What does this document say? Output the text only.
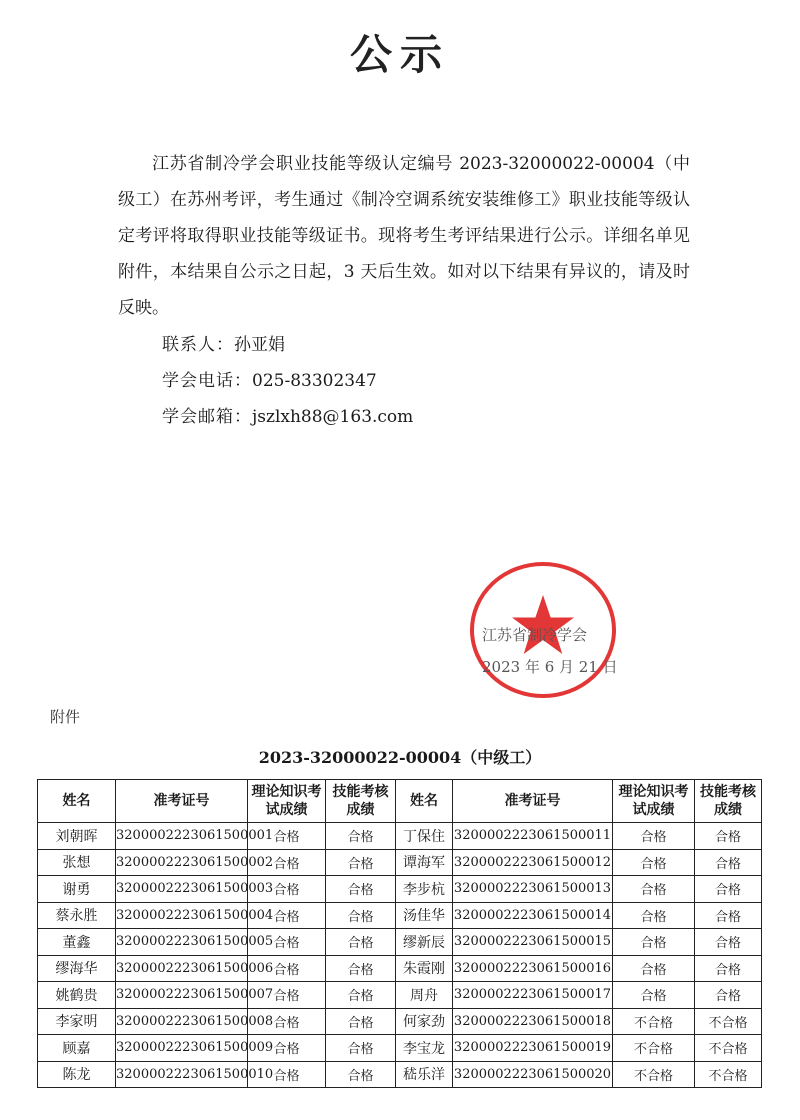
公示
江苏省制冷学会职业技能等级认定编号 2023-32000022-00004（中级工）在苏州考评，考生通过《制冷空调系统安装维修工》职业技能等级认定考评将取得职业技能等级证书。现将考生考评结果进行公示。详细名单见附件，本结果自公示之日起，3 天后生效。如对以下结果有异议的，请及时反映。
联系人：孙亚娟
学会电话：025-83302347
学会邮箱：jszlxh88@163.com
江苏省制冷学会
2023 年 6 月 21 日
附件
2023-32000022-00004（中级工）
姓名	准考证号	理论知识考试成绩	技能考核成绩	姓名	准考证号	理论知识考试成绩	技能考核成绩
刘朝晖	3200002223061500001	合格	合格	丁保住	3200002223061500011	合格	合格
张想	3200002223061500002	合格	合格	谭海军	3200002223061500012	合格	合格
谢勇	3200002223061500003	合格	合格	李步杭	3200002223061500013	合格	合格
蔡永胜	3200002223061500004	合格	合格	汤佳华	3200002223061500014	合格	合格
董鑫	3200002223061500005	合格	合格	缪新辰	3200002223061500015	合格	合格
缪海华	3200002223061500006	合格	合格	朱霞刚	3200002223061500016	合格	合格
姚鹤贵	3200002223061500007	合格	合格	周舟	3200002223061500017	合格	合格
李家明	3200002223061500008	合格	合格	何家劲	3200002223061500018	不合格	不合格
顾嘉	3200002223061500009	合格	合格	李宝龙	3200002223061500019	不合格	不合格
陈龙	3200002223061500010	合格	合格	嵇乐洋	3200002223061500020	不合格	不合格
